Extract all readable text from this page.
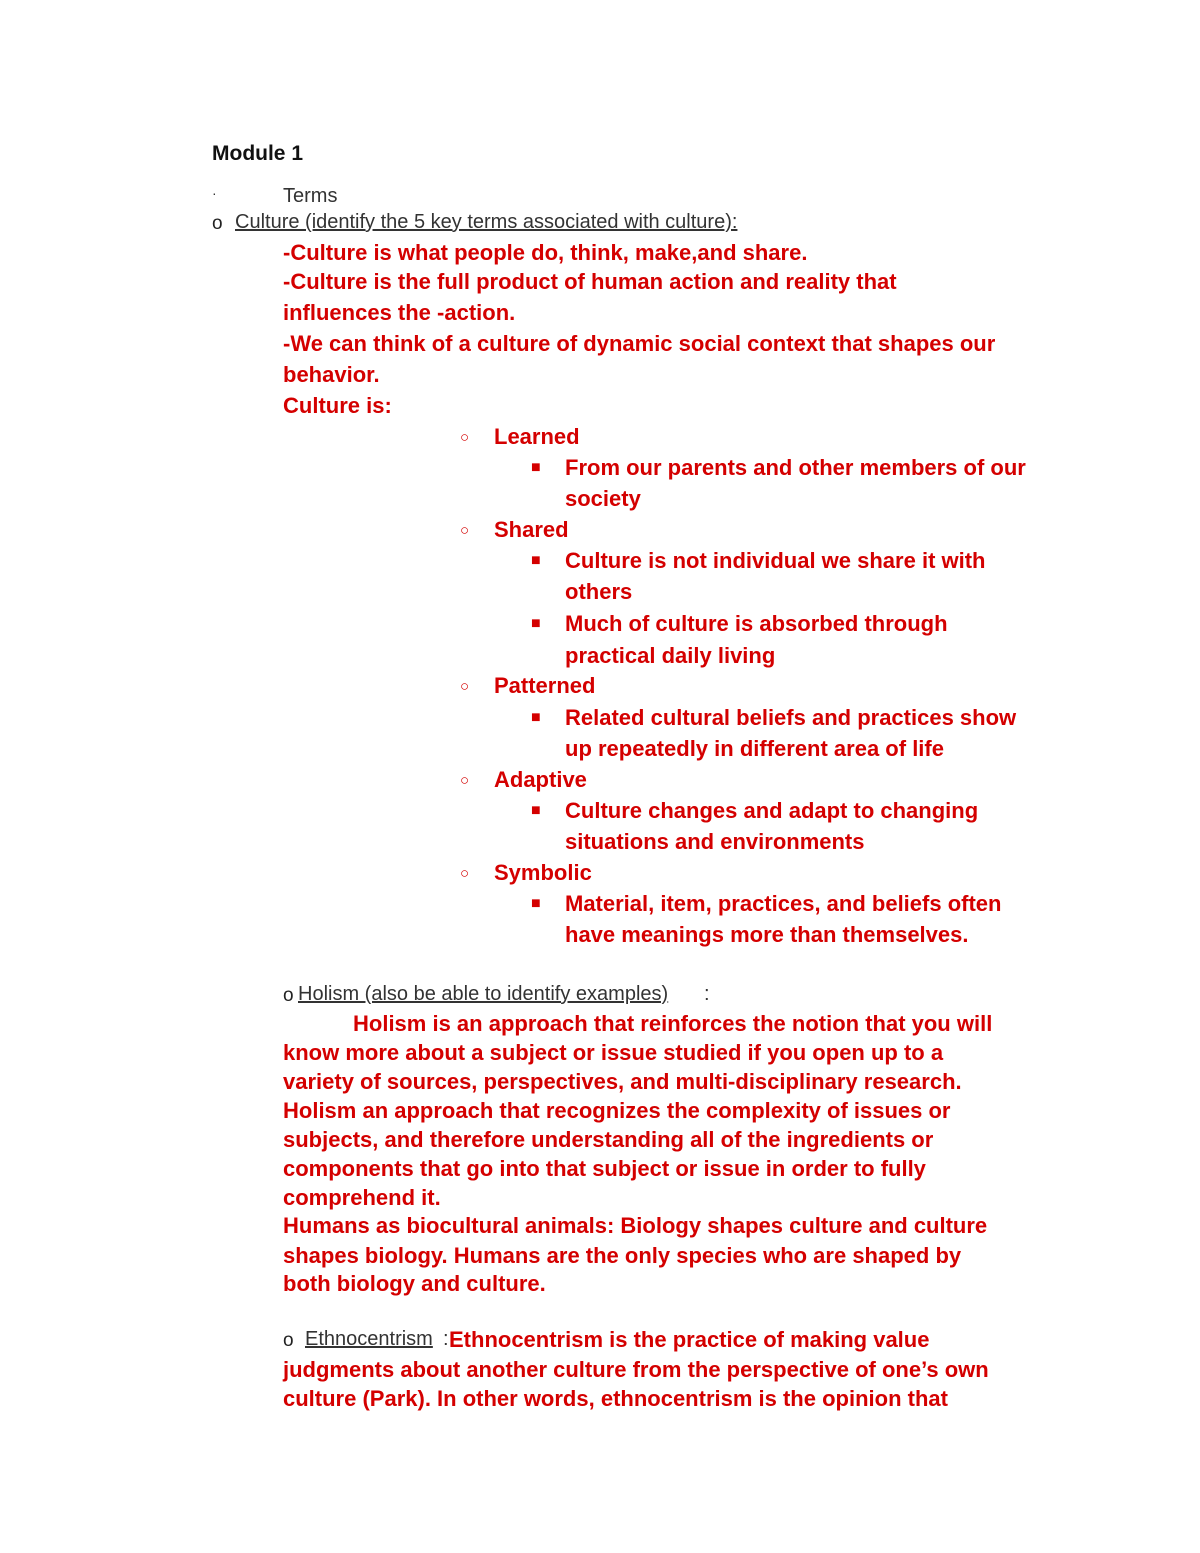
Module 1
·	Terms
o Culture (identify the 5 key terms associated with culture):
-Culture is what people do, think, make,and share.
-Culture is the full product of human action and reality that
influences the -action.
-We can think of a culture of dynamic social context that shapes our
behavior.
Culture is:
○ Learned
■ From our parents and other members of our
society
○ Shared
■ Culture is not individual we share it with
others
■ Much of culture is absorbed through
practical daily living
○ Patterned
■ Related cultural beliefs and practices show
up repeatedly in different area of life
○ Adaptive
■ Culture changes and adapt to changing
situations and environments
○ Symbolic
■ Material, item, practices, and beliefs often
have meanings more than themselves.
o Holism (also be able to identify examples) :
Holism is an approach that reinforces the notion that you will
know more about a subject or issue studied if you open up to a
variety of sources, perspectives, and multi-disciplinary research.
Holism an approach that recognizes the complexity of issues or
subjects, and therefore understanding all of the ingredients or
components that go into that subject or issue in order to fully
comprehend it.
Humans as biocultural animals: Biology shapes culture and culture
shapes biology. Humans are the only species who are shaped by
both biology and culture.
o Ethnocentrism : Ethnocentrism is the practice of making value
judgments about another culture from the perspective of one’s own
culture (Park). In other words, ethnocentrism is the opinion that
